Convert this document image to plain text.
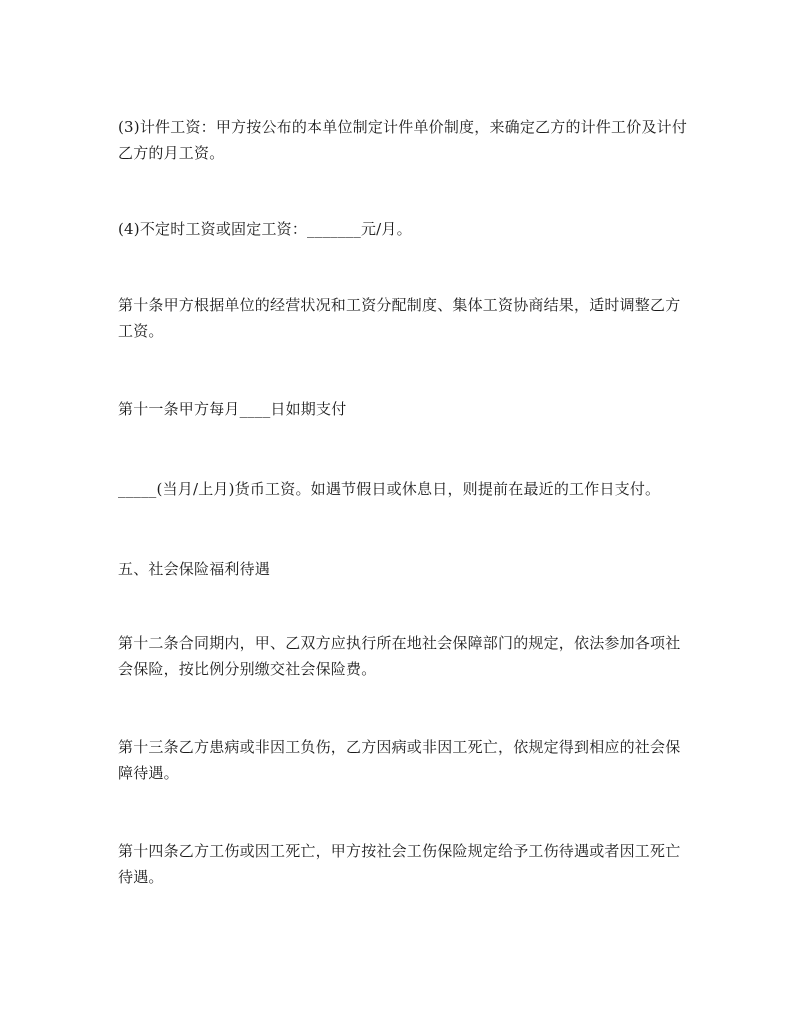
(3)计件工资：甲方按公布的本单位制定计件单价制度，来确定乙方的计件工价及计付乙方的月工资。

(4)不定时工资或固定工资：_______元/月。

第十条甲方根据单位的经营状况和工资分配制度、集体工资协商结果，适时调整乙方工资。

第十一条甲方每月____日如期支付

_____(当月/上月)货币工资。如遇节假日或休息日，则提前在最近的工作日支付。

五、社会保险福利待遇

第十二条合同期内，甲、乙双方应执行所在地社会保障部门的规定，依法参加各项社会保险，按比例分别缴交社会保险费。

第十三条乙方患病或非因工负伤，乙方因病或非因工死亡，依规定得到相应的社会保障待遇。

第十四条乙方工伤或因工死亡，甲方按社会工伤保险规定给予工伤待遇或者因工死亡待遇。
